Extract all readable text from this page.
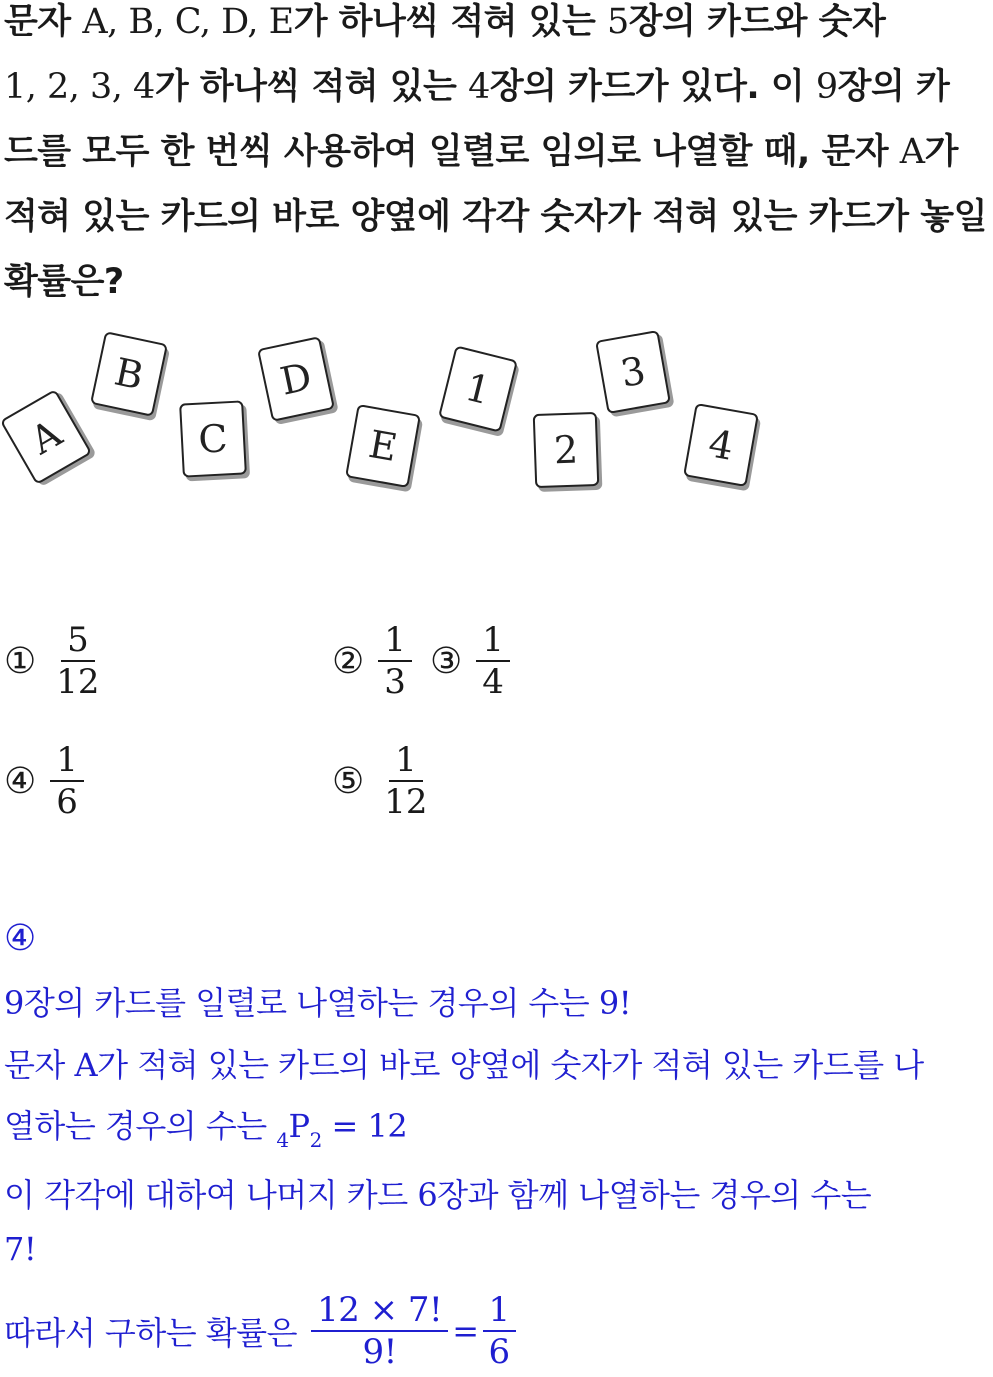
문자 A, B, C, D, E가 하나씩 적혀 있는 5장의 카드와 숫자
1, 2, 3, 4가 하나씩 적혀 있는 4장의 카드가 있다. 이 9장의 카
드를 모두 한 번씩 사용하여 일렬로 임의로 나열할 때, 문자 A가
적혀 있는 카드의 바로 양옆에 각각 숫자가 적혀 있는 카드가 놓일
확률은?
A
B
C
D
E
1
2
3
4
① $\frac{5}{12}$	② $\frac{1}{3}$ ③ $\frac{1}{4}$
④ $\frac{1}{6}$	⑤ $\frac{1}{12}$
④
9장의 카드를 일렬로 나열하는 경우의 수는 9!
문자 A가 적혀 있는 카드의 바로 양옆에 숫자가 적혀 있는 카드를 나
열하는 경우의 수는 $_4P_2 = 12$
이 각각에 대하여 나머지 카드 6장과 함께 나열하는 경우의 수는
7!
따라서 구하는 확률은 $\frac{12 \times 7!}{9!} = \frac{1}{6}$
